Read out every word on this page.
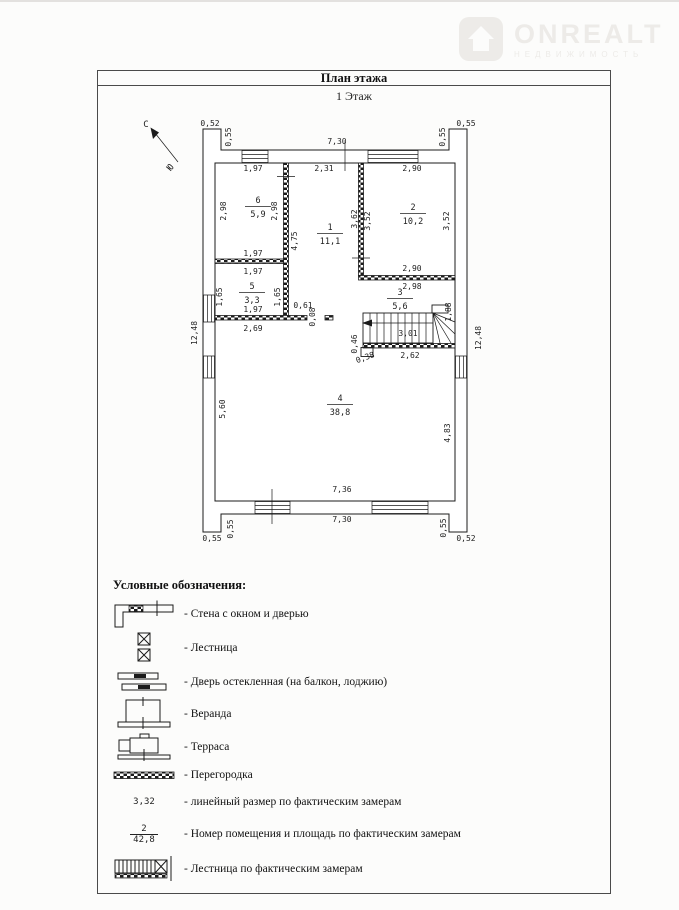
ONREALT
НЕДВИЖИМОСТЬ
План этажа
1 Этаж
С
Ю
0,52
0,55	7,30
1,97	2,31	2,90
0,55
0,55
2,98	2,98
4,75
3,62 3,52	3,52
1,97
1,97
1,65	1,65
1,97	0,61
0,08
2,69
12,48
2,90
2,98
1,88
3,01
0,46
2,62
0,38
12,48
5,60
4,83
7,36
7,30
0,55
0,55
0,55
0,52
6
5,9
1
11,1
2
10,2
5
3,3
3
5,6
4
38,8
Условные обозначения:
- Стена с окном и дверью
- Лестница
- Дверь остекленная (на балкон, лоджию)
- Веранда
- Терраса
- Перегородка
3,32	- линейный размер по фактическим замерам
$\frac{2}{42,8}$ - Номер помещения и площадь по фактическим замерам
- Лестница по фактическим замерам
